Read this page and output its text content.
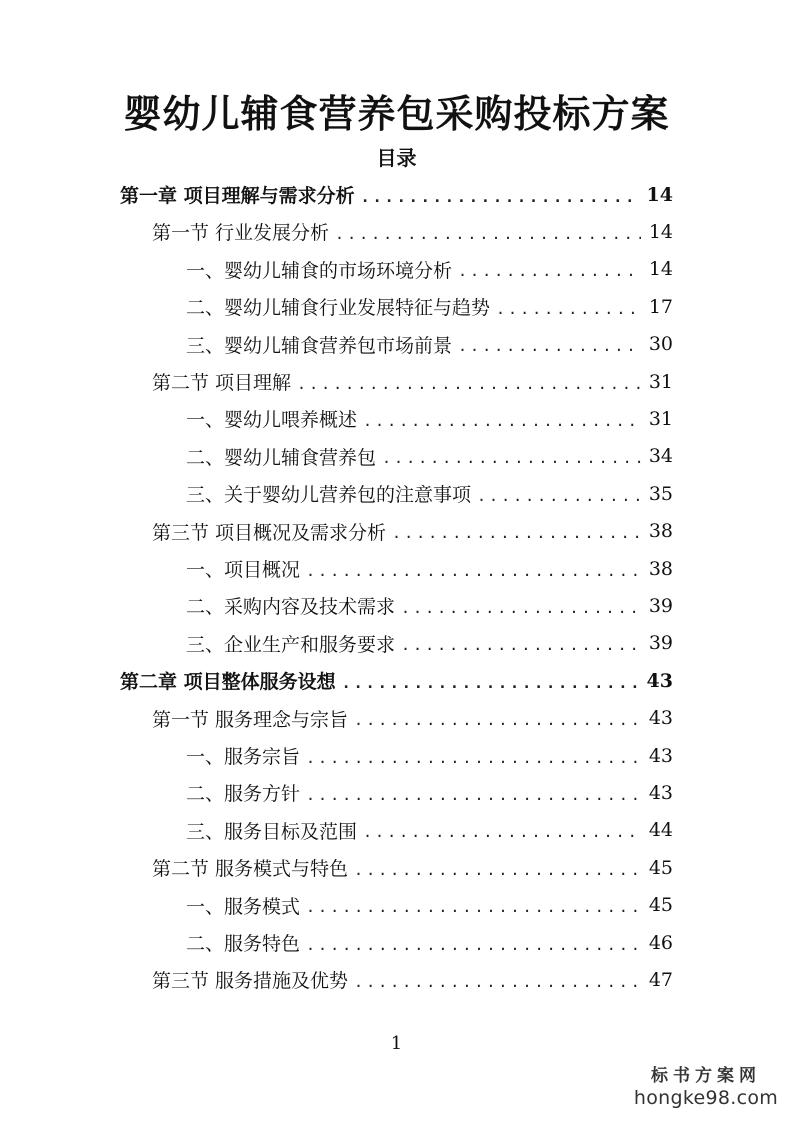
婴幼儿辅食营养包采购投标方案
目录
第一章 项目理解与需求分析 .....	14
第一节 行业发展分析 .....	14
一、婴幼儿辅食的市场环境分析 .....	14
二、婴幼儿辅食行业发展特征与趋势 .....	17
三、婴幼儿辅食营养包市场前景 .....	30
第二节 项目理解 .....	31
一、婴幼儿喂养概述 .....	31
二、婴幼儿辅食营养包 .....	34
三、关于婴幼儿营养包的注意事项 .....	35
第三节 项目概况及需求分析 .....	38
一、项目概况 .....	38
二、采购内容及技术需求 .....	39
三、企业生产和服务要求 .....	39
第二章 项目整体服务设想 .....	43
第一节 服务理念与宗旨 .....	43
一、服务宗旨 .....	43
二、服务方针 .....	43
三、服务目标及范围 .....	44
第二节 服务模式与特色 .....	45
一、服务模式 .....	45
二、服务特色 .....	46
第三节 服务措施及优势 .....	47
1
标书方案网
hongke98.com
